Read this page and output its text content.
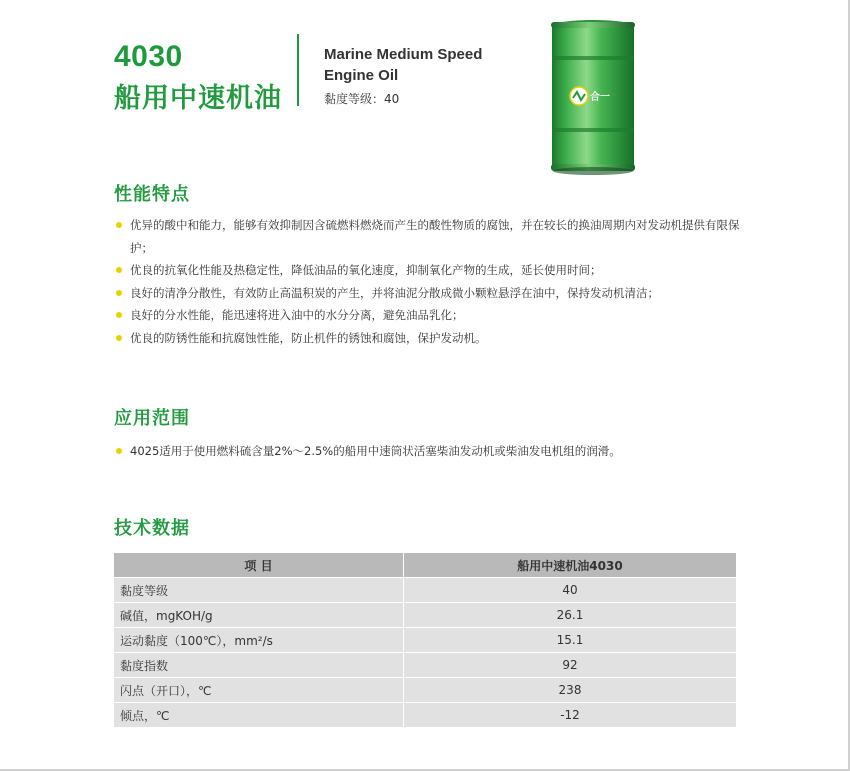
4030
船用中速机油
Marine Medium Speed Engine Oil
黏度等级：40	合一
性能特点
优异的酸中和能力，能够有效抑制因含硫燃料燃烧而产生的酸性物质的腐蚀，并在较长的换油周期内对发动机提供有限保护；
优良的抗氧化性能及热稳定性，降低油品的氧化速度，抑制氧化产物的生成，延长使用时间；
良好的清净分散性，有效防止高温积炭的产生，并将油泥分散成微小颗粒悬浮在油中，保持发动机清洁；
良好的分水性能，能迅速将进入油中的水分分离，避免油品乳化；
优良的防锈性能和抗腐蚀性能，防止机件的锈蚀和腐蚀，保护发动机。
应用范围
4025适用于使用燃料硫含量2%～2.5%的船用中速筒状活塞柴油发动机或柴油发电机组的润滑。
技术数据
项 目	船用中速机油4030
黏度等级	40
碱值，mgKOH/g	26.1
运动黏度（100℃），mm²/s	15.1
黏度指数	92
闪点（开口），℃	238
倾点，℃	-12
